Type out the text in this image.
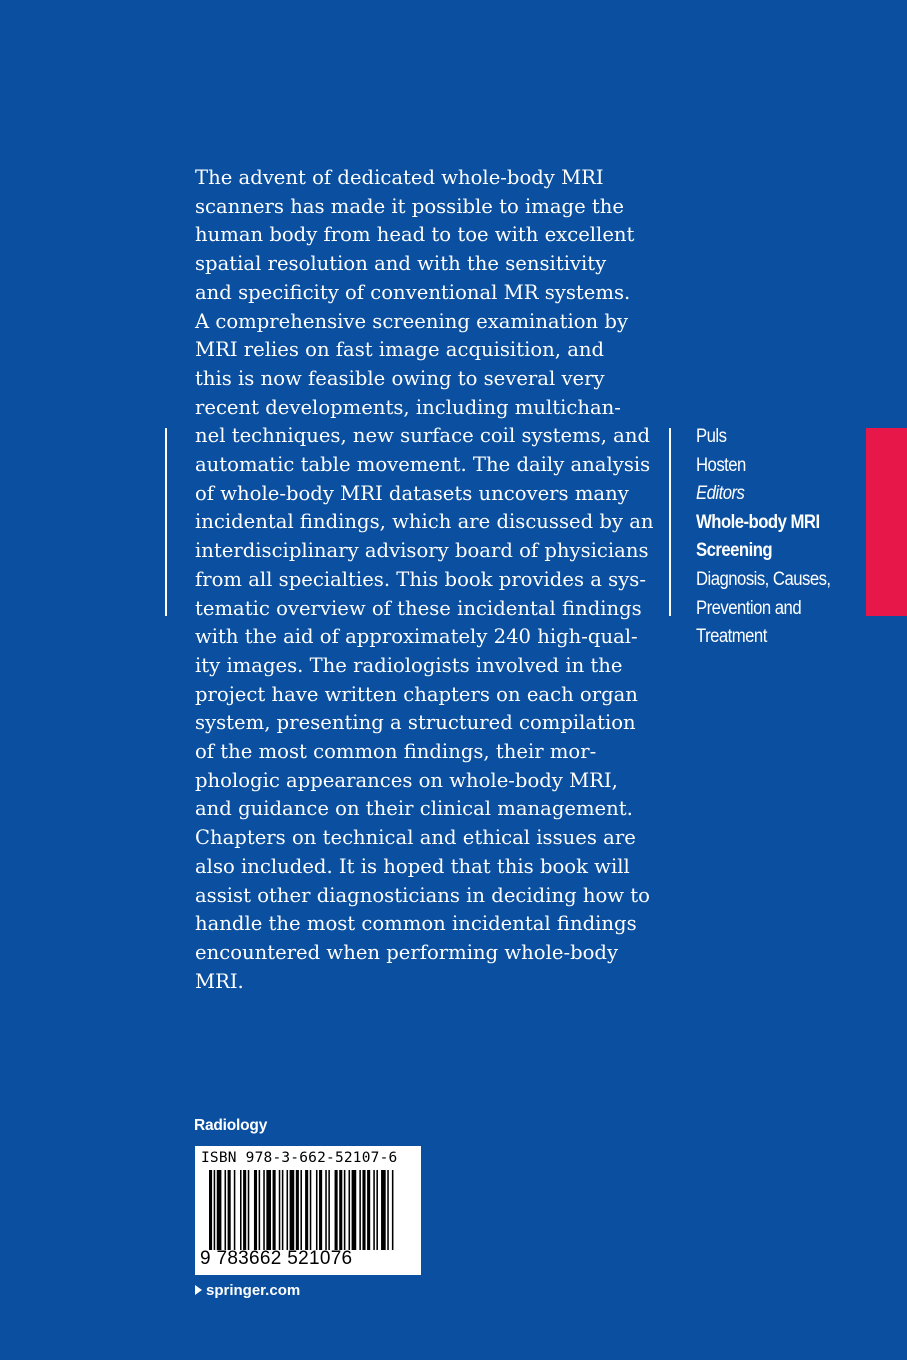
The advent of dedicated whole-body MRI
scanners has made it possible to image the
human body from head to toe with excellent
spatial resolution and with the sensitivity
and specificity of conventional MR systems.
A comprehensive screening examination by
MRI relies on fast image acquisition, and
this is now feasible owing to several very
recent developments, including multichan-
nel techniques, new surface coil systems, and
automatic table movement. The daily analysis
of whole-body MRI datasets uncovers many
incidental findings, which are discussed by an
interdisciplinary advisory board of physicians
from all specialties. This book provides a sys-
tematic overview of these incidental findings
with the aid of approximately 240 high-qual-
ity images. The radiologists involved in the
project have written chapters on each organ
system, presenting a structured compilation
of the most common findings, their mor-
phologic appearances on whole-body MRI,
and guidance on their clinical management.
Chapters on technical and ethical issues are
also included. It is hoped that this book will
assist other diagnosticians in deciding how to
handle the most common incidental findings
encountered when performing whole-body
MRI.
Puls
Hosten
Editors
Whole-body MRI
Screening
Diagnosis, Causes,
Prevention and
Treatment
Radiology
ISBN 978-3-662-52107-6
9 783662 521076
springer.com
